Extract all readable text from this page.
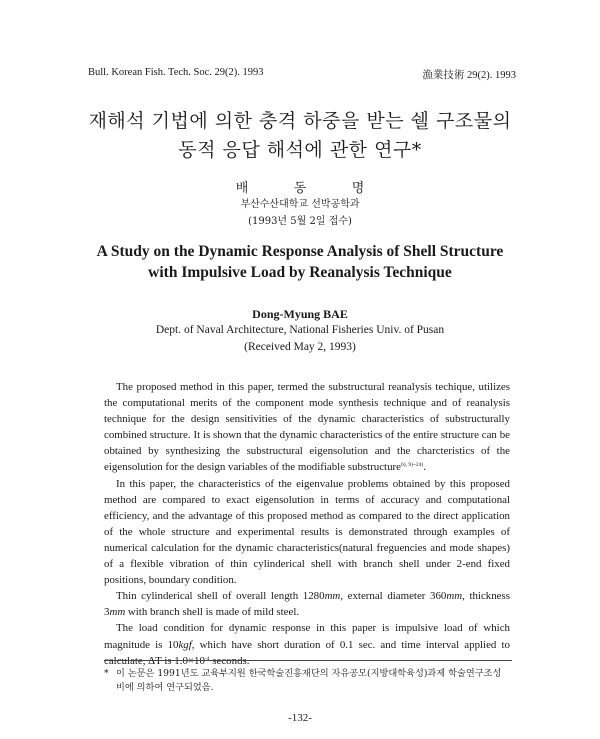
Bull. Korean Fish. Tech. Soc. 29(2). 1993	漁業技術 29(2). 1993
재해석 기법에 의한 충격 하중을 받는 쉘 구조물의
동적 응답 해석에 관한 연구*
배	동	명
부산수산대학교 선박공학과
(1993년 5월 2일 접수)
A Study on the Dynamic Response Analysis of Shell Structure
with Impulsive Load by Reanalysis Technique
Dong-Myung BAE
Dept. of Naval Architecture, National Fisheries Univ. of Pusan
(Received May 2, 1993)

The proposed method in this paper, termed the substructural reanalysis techique, utilizes the computational merits of the component mode synthesis technique and of reanalysis technique for the design sensitivities of the dynamic characteristics of substructurally combined structure. It is shown that the dynamic characteristics of the entire structure can be obtained by synthesizing the substructural eigensolution and the charcteristics of the eigensolution for the design variables of the modifiable substructure$^{6), 9)\sim 24)}$.

In this paper, the characteristics of the eigenvalue problems obtained by this proposed method are compared to exact eigensolution in terms of accuracy and computational efficiency, and the advantage of this proposed method as compared to the direct application of the whole structure and experimental results is demonstrated through examples of numerical calculation for the dynamic characteristics(natural freguencies and mode shapes) of a flexible vibration of thin cylinderical shell with branch shell under 2-end fixed positions, boundary condition.

Thin cylinderical shell of overall length 1280mm, external diameter 360mm, thickness 3mm with branch shell is made of mild steel.

The load condition for dynamic response in this paper is impulsive load of which magnitude is 10kgf, which have short duration of 0.1 sec. and time interval applied to calculate, ΔT is $1.0\times 10^{-4}$ seconds.

* 이 논문은 1991년도 교육부지원 한국학술진흥재단의 자유공모(지방대학육성)과제 학술연구조성
비에 의하여 연구되었음.
-132-
